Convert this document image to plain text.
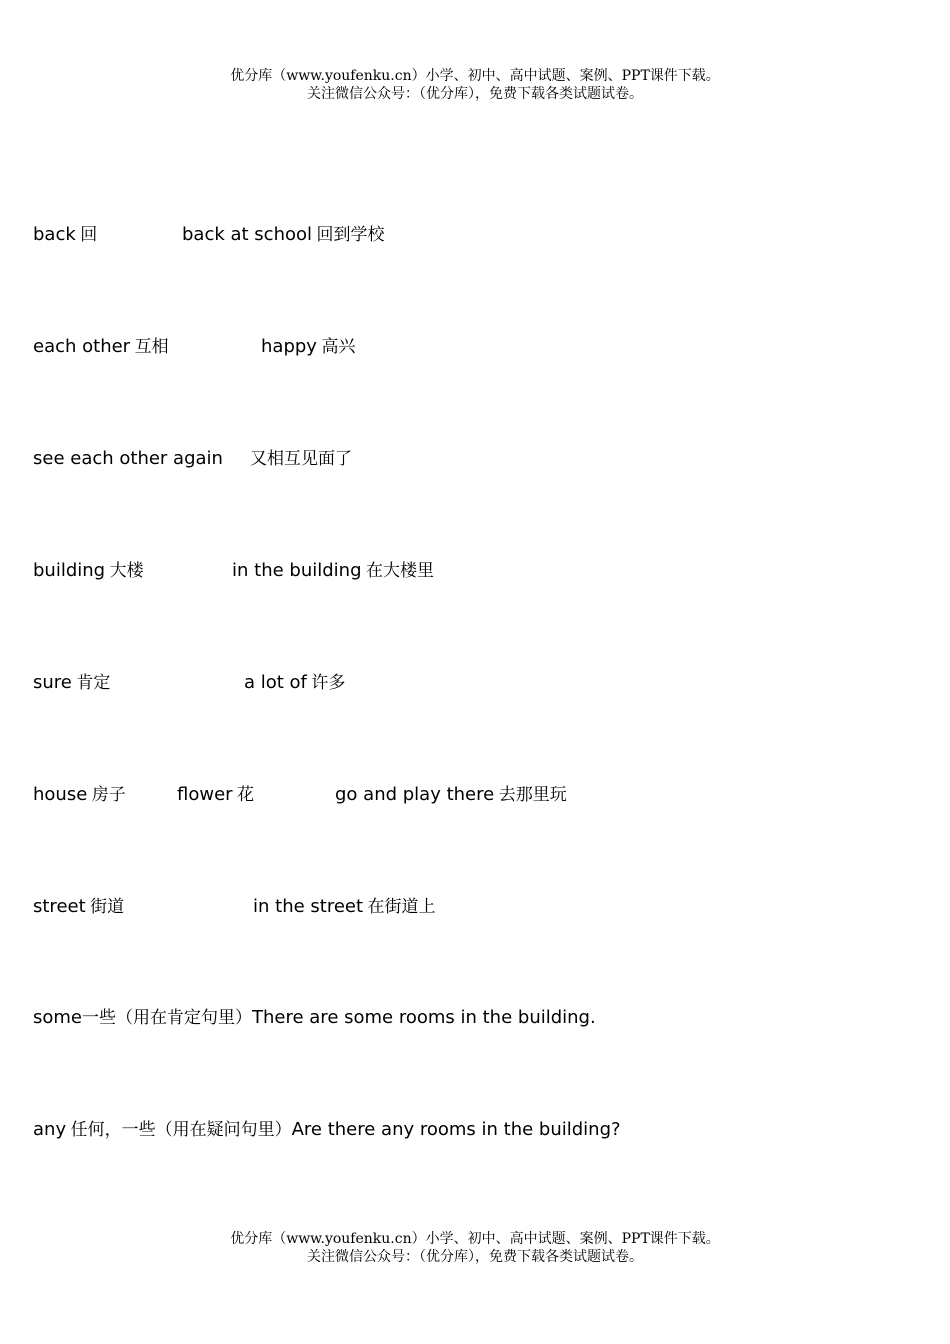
优分库（www.youfenku.cn）小学、初中、高中试题、案例、PPT课件下载。
关注微信公众号：（优分库），免费下载各类试题试卷。
back 回	back at school 回到学校
each other 互相	happy 高兴
see each other again 又相互见面了
building 大楼	in the building 在大楼里
sure 肯定	a lot of 许多
house 房子	flower 花	go and play there 去那里玩
street 街道	in the street 在街道上
some一些（用在肯定句里）There are some rooms in the building.
any 任何，一些（用在疑问句里）Are there any rooms in the building?
优分库（www.youfenku.cn）小学、初中、高中试题、案例、PPT课件下载。
关注微信公众号：（优分库），免费下载各类试题试卷。
